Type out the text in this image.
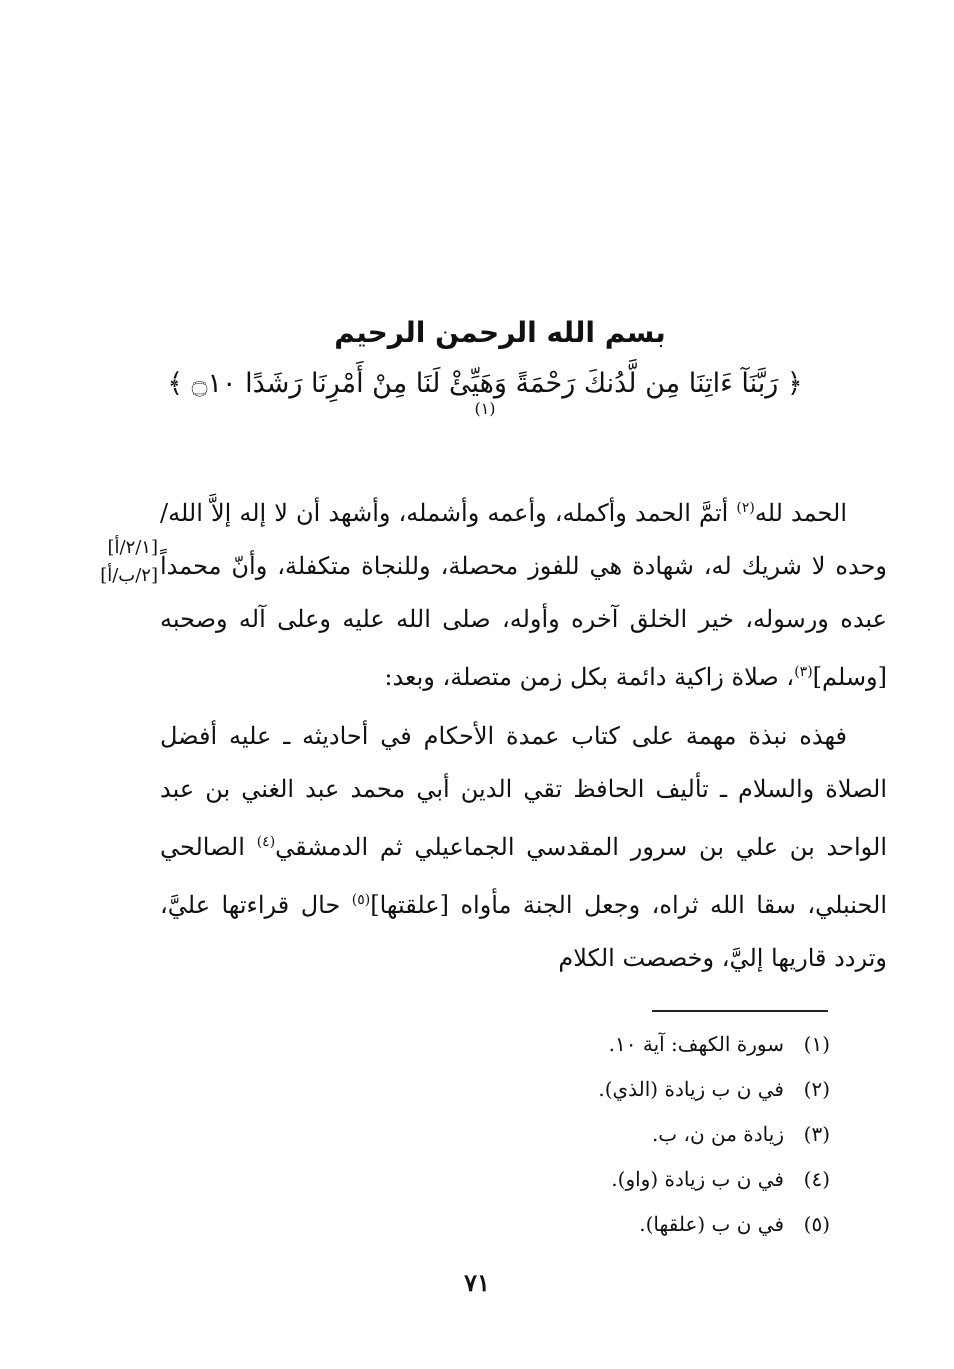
بسم الله الرحمن الرحيم
﴿ رَبَّنَآ ءَاتِنَا مِن لَّدُنكَ رَحْمَةً وَهَيِّئْ لَنَا مِنْ أَمْرِنَا رَشَدًا ۝١٠ ﴾ $^{(١)}$
[٢/١/أ]
[٢/ب/أ]

الحمد لله$^{(٢)}$ أتمَّ الحمد وأكمله، وأعمه وأشمله، وأشهد أن لا إله إلاَّ الله/ وحده لا شريك له، شهادة هي للفوز محصلة، وللنجاة متكفلة، وأنّ محمداً عبده ورسوله، خير الخلق آخره وأوله، صلى الله عليه وعلى آله وصحبه [وسلم]$^{(٣)}$، صلاة زاكية دائمة بكل زمن متصلة، وبعد:

فهذه نبذة مهمة على كتاب عمدة الأحكام في أحاديثه ـ عليه أفضل الصلاة والسلام ـ تأليف الحافظ تقي الدين أبي محمد عبد الغني بن عبد الواحد بن علي بن سرور المقدسي الجماعيلي ثم الدمشقي$^{(٤)}$ الصالحي الحنبلي، سقا الله ثراه، وجعل الجنة مأواه [علقتها]$^{(٥)}$ حال قراءتها عليَّ، وتردد قاريها إليَّ، وخصصت الكلام

(١)سورة الكهف: آية ١٠.
(٢)في ن ب زيادة (الذي).
(٣)زيادة من ن، ب.
(٤)في ن ب زيادة (واو).
(٥)في ن ب (علقها).
٧١
